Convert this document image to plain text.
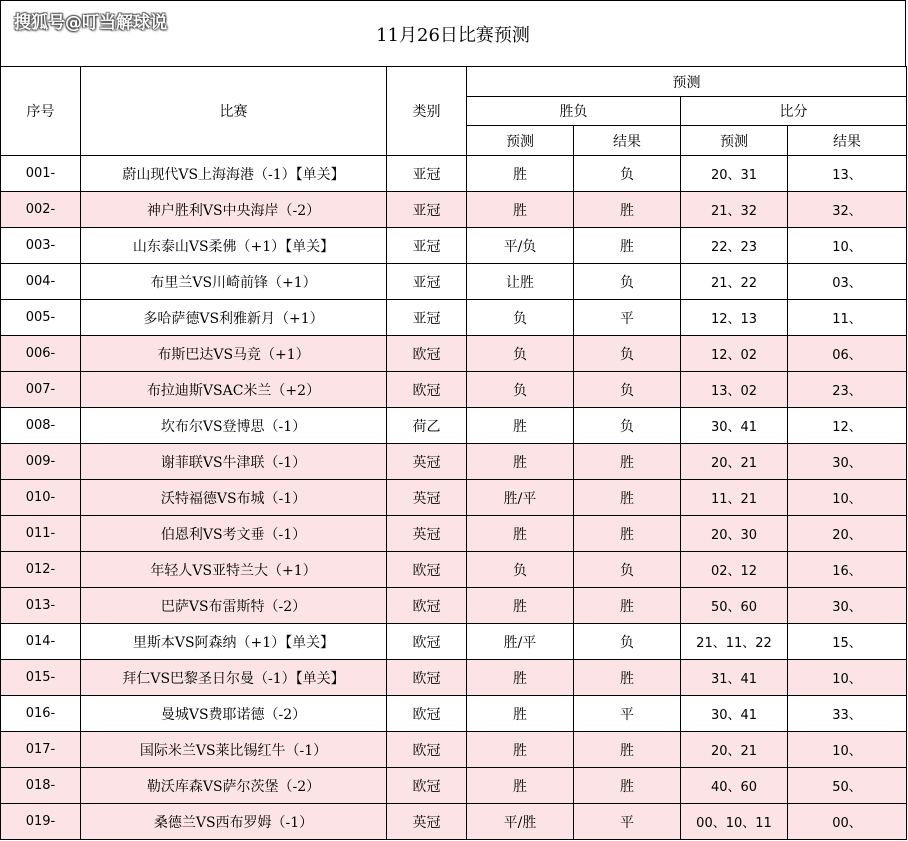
搜狐号@叮当解球说
11月26日比赛预测
序号	比赛	类别	预测			
			胜负		比分	
			预测	结果	预测	结果
001-	蔚山现代VS上海海港（-1）【单关】	亚冠	胜	负	20、31	13、
002-	神户胜利VS中央海岸（-2）	亚冠	胜	胜	21、32	32、
003-	山东泰山VS柔佛（+1）【单关】	亚冠	平/负	胜	22、23	10、
004-	布里兰VS川崎前锋（+1）	亚冠	让胜	负	21、22	03、
005-	多哈萨德VS利雅新月（+1）	亚冠	负	平	12、13	11、
006-	布斯巴达VS马竞（+1）	欧冠	负	负	12、02	06、
007-	布拉迪斯VSAC米兰（+2）	欧冠	负	负	13、02	23、
008-	坎布尔VS登博思（-1）	荷乙	胜	负	30、41	12、
009-	谢菲联VS牛津联（-1）	英冠	胜	胜	20、21	30、
010-	沃特福德VS布城（-1）	英冠	胜/平	胜	11、21	10、
011-	伯恩利VS考文垂（-1）	英冠	胜	胜	20、30	20、
012-	年轻人VS亚特兰大（+1）	欧冠	负	负	02、12	16、
013-	巴萨VS布雷斯特（-2）	欧冠	胜	胜	50、60	30、
014-	里斯本VS阿森纳（+1）【单关】	欧冠	胜/平	负	21、11、22	15、
015-	拜仁VS巴黎圣日尔曼（-1）【单关】	欧冠	胜	胜	31、41	10、
016-	曼城VS费耶诺德（-2）	欧冠	胜	平	30、41	33、
017-	国际米兰VS莱比锡红牛（-1）	欧冠	胜	胜	20、21	10、
018-	勒沃库森VS萨尔茨堡（-2）	欧冠	胜	胜	40、60	50、
019-	桑德兰VS西布罗姆（-1）	英冠	平/胜	平	00、10、11	00、
